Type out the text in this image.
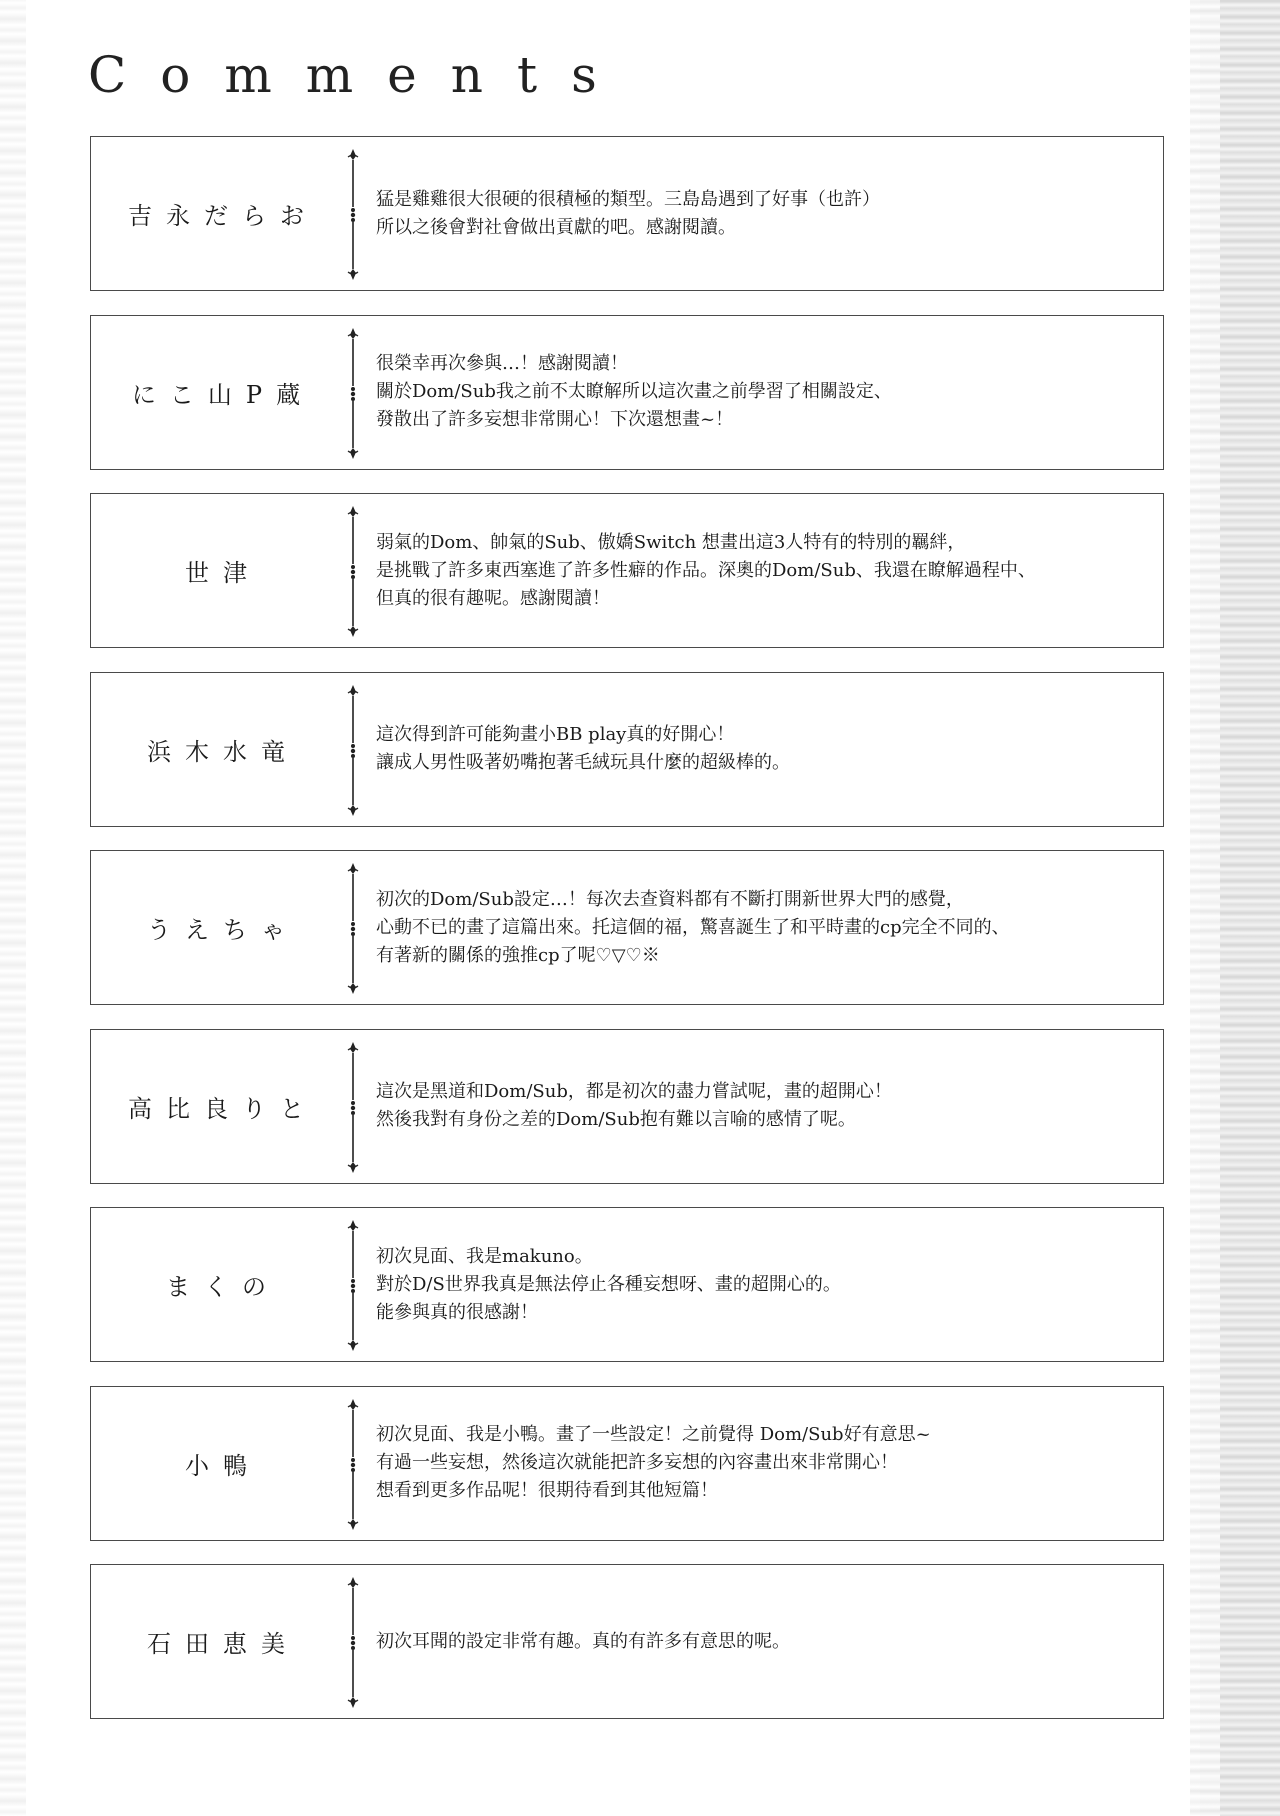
Comments
吉永だらお
猛是雞雞很大很硬的很積極的類型。三島島遇到了好事（也許）
所以之後會對社會做出貢獻的吧。感謝閱讀。
にこ山P蔵
很榮幸再次參與…！感謝閱讀！
關於Dom/Sub我之前不太瞭解所以這次畫之前學習了相關設定、
發散出了許多妄想非常開心！下次還想畫~！
世津
弱氣的Dom、帥氣的Sub、傲嬌Switch 想畫出這3人特有的特別的羈絆，
是挑戰了許多東西塞進了許多性癖的作品。深奧的Dom/Sub、我還在瞭解過程中、
但真的很有趣呢。感謝閱讀！
浜木水竜
這次得到許可能夠畫小BB play真的好開心！
讓成人男性吸著奶嘴抱著毛絨玩具什麼的超級棒的。
うえちゃ
初次的Dom/Sub設定…！每次去查資料都有不斷打開新世界大門的感覺，
心動不已的畫了這篇出來。托這個的福，驚喜誕生了和平時畫的cp完全不同的、
有著新的關係的強推cp了呢♡▽♡※
高比良りと
這次是黑道和Dom/Sub，都是初次的盡力嘗試呢，畫的超開心！
然後我對有身份之差的Dom/Sub抱有難以言喻的感情了呢。
まくの
初次見面、我是makuno。
對於D/S世界我真是無法停止各種妄想呀、畫的超開心的。
能參與真的很感謝！
小鴨
初次見面、我是小鴨。畫了一些設定！之前覺得 Dom/Sub好有意思~
有過一些妄想，然後這次就能把許多妄想的內容畫出來非常開心！
想看到更多作品呢！很期待看到其他短篇！
石田恵美	初次耳聞的設定非常有趣。真的有許多有意思的呢。
